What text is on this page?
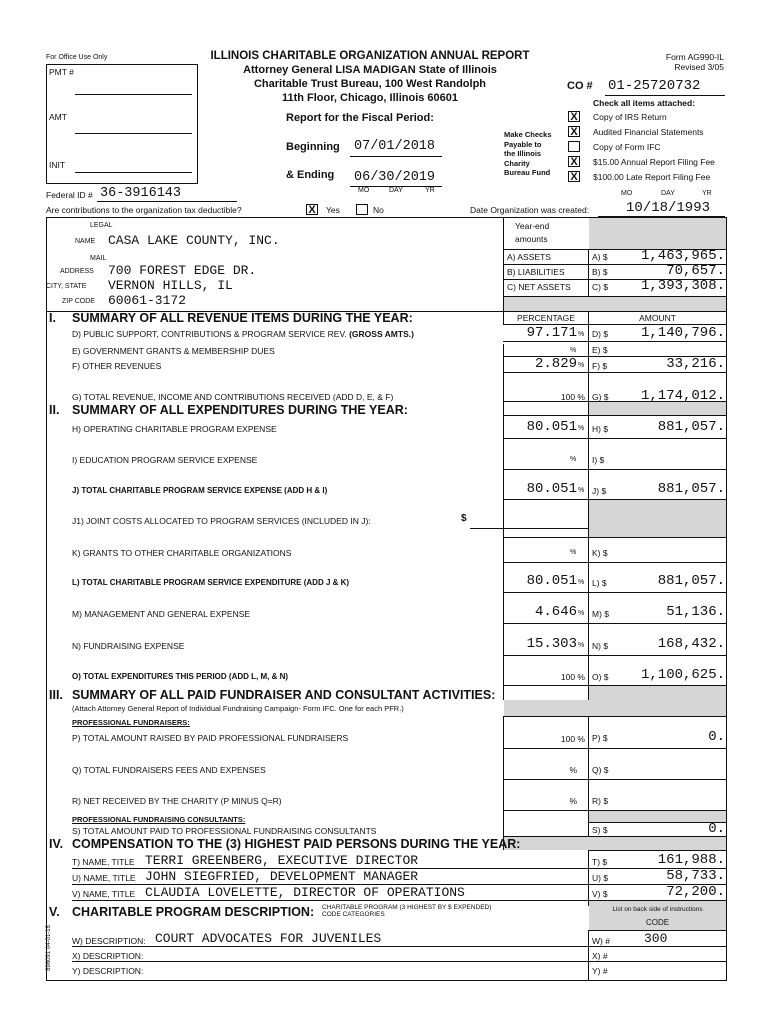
For Office Use Only
PMT #
AMT
INIT
ILLINOIS CHARITABLE ORGANIZATION ANNUAL REPORT
Attorney General LISA MADIGAN State of Illinois
Charitable Trust Bureau, 100 West Randolph
11th Floor, Chicago, Illinois 60601
Form AG990-IL
Revised 3/05
CO # 01-25720732
Check all items attached:
Report for the Fiscal Period:	X Copy of IRS Return
X Audited Financial Statements
Copy of Form IFC
X $15.00 Annual Report Filing Fee
X $100.00 Late Report Filing Fee
Make Checks
Payable to
the Illinois
Charity
Bureau Fund
Beginning 07/01/2018
& Ending 06/30/2019
MO	DAY	YR	MO	DAY	YR
Federal ID # 36-3916143
Are contributions to the organization tax deductible?	X Yes	No	Date Organization was created:	10/18/1993
LEGAL
NAME CASA LAKE COUNTY, INC.
MAIL
ADDRESS 700 FOREST EDGE DR.
CITY, STATE VERNON HILLS, IL
ZIP CODE 60061-3172
Year-end
amounts
A) ASSETS	A) $	1,463,965.
B) LIABILITIES	B) $	70,657.
C) NET ASSETS	C) $	1,393,308.
I. SUMMARY OF ALL REVENUE ITEMS DURING THE YEAR:	PERCENTAGE	AMOUNT
D) PUBLIC SUPPORT, CONTRIBUTIONS & PROGRAM SERVICE REV. (GROSS AMTS.)	97.171 % D) $	1,140,796.
E) GOVERNMENT GRANTS & MEMBERSHIP DUES	% E) $
F) OTHER REVENUES	2.829 % F) $	33,216.
G) TOTAL REVENUE, INCOME AND CONTRIBUTIONS RECEIVED (ADD D, E, & F)	100 % G) $	1,174,012.
II. SUMMARY OF ALL EXPENDITURES DURING THE YEAR:
H) OPERATING CHARITABLE PROGRAM EXPENSE	80.051 % H) $	881,057.
I) EDUCATION PROGRAM SERVICE EXPENSE	% I) $
J) TOTAL CHARITABLE PROGRAM SERVICE EXPENSE (ADD H & I)	80.051 % J) $	881,057.
J1) JOINT COSTS ALLOCATED TO PROGRAM SERVICES (INCLUDED IN J):	$
K) GRANTS TO OTHER CHARITABLE ORGANIZATIONS	% K) $
L) TOTAL CHARITABLE PROGRAM SERVICE EXPENDITURE (ADD J & K)	80.051 % L) $	881,057.
M) MANAGEMENT AND GENERAL EXPENSE	4.646 % M) $	51,136.
N) FUNDRAISING EXPENSE	15.303 % N) $	168,432.
O) TOTAL EXPENDITURES THIS PERIOD (ADD L, M, & N)	100 % O) $	1,100,625.
III. SUMMARY OF ALL PAID FUNDRAISER AND CONSULTANT ACTIVITIES:
(Attach Attorney General Report of Individual Fundraising Campaign- Form IFC. One for each PFR.)
PROFESSIONAL FUNDRAISERS:
P) TOTAL AMOUNT RAISED BY PAID PROFESSIONAL FUNDRAISERS	100 % P) $	0.
Q) TOTAL FUNDRAISERS FEES AND EXPENSES	% Q) $
R) NET RECEIVED BY THE CHARITY (P MINUS Q=R)	% R) $
PROFESSIONAL FUNDRAISING CONSULTANTS:
S) TOTAL AMOUNT PAID TO PROFESSIONAL FUNDRAISING CONSULTANTS	S) $	0.
IV. COMPENSATION TO THE (3) HIGHEST PAID PERSONS DURING THE YEAR:
T) NAME, TITLE TERRI GREENBERG, EXECUTIVE DIRECTOR	T) $	161,988.
U) NAME, TITLE JOHN SIEGFRIED, DEVELOPMENT MANAGER	U) $	58,733.
V) NAME, TITLE CLAUDIA LOVELETTE, DIRECTOR OF OPERATIONS	V) $	72,200.
V. CHARITABLE PROGRAM DESCRIPTION: CHARITABLE PROGRAM (3 HIGHEST BY $ EXPENDED)
CODE CATEGORIES
List on back side of instructions
CODE
W) DESCRIPTION: COURT ADVOCATES FOR JUVENILES	W) #	300
X) DESCRIPTION:	X) #
Y) DESCRIPTION:	Y) #
898091 04-01-18
